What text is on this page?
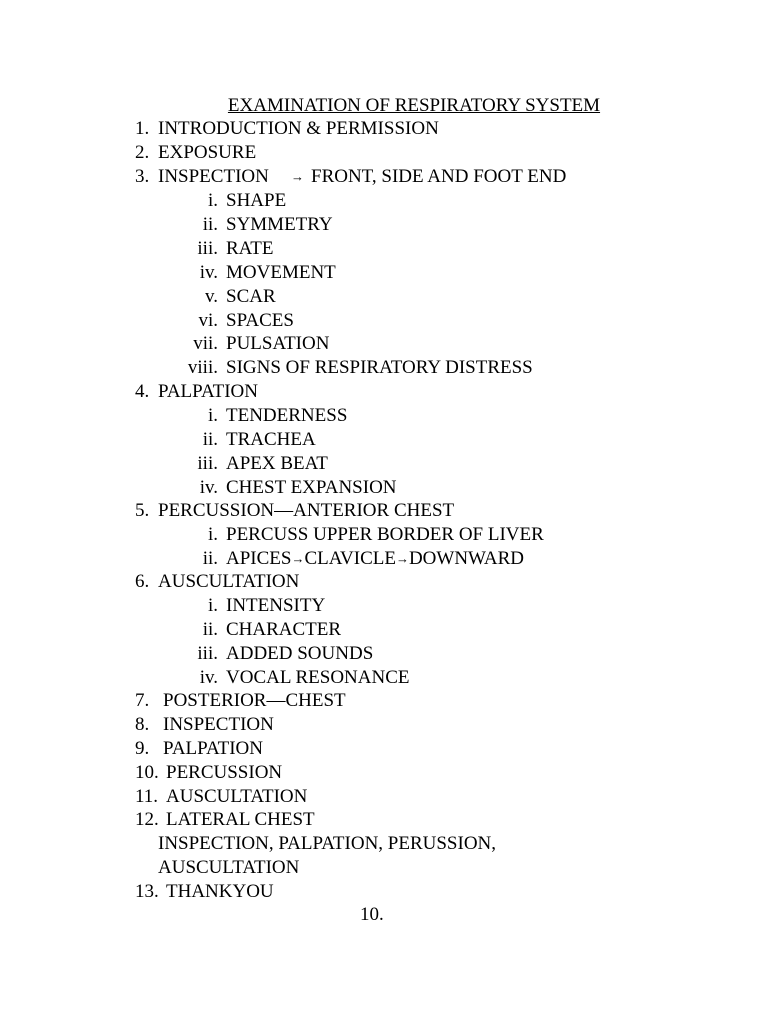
EXAMINATION OF RESPIRATORY SYSTEM
1. INTRODUCTION & PERMISSION
2. EXPOSURE
3. INSPECTION → FRONT, SIDE AND FOOT END
i. SHAPE
ii. SYMMETRY
iii. RATE
iv. MOVEMENT
v. SCAR
vi. SPACES
vii. PULSATION
viii. SIGNS OF RESPIRATORY DISTRESS
4. PALPATION
i. TENDERNESS
ii. TRACHEA
iii. APEX BEAT
iv. CHEST EXPANSION
5. PERCUSSION—ANTERIOR CHEST
i. PERCUSS UPPER BORDER OF LIVER
ii. APICES→CLAVICLE→DOWNWARD
6. AUSCULTATION
i. INTENSITY
ii. CHARACTER
iii. ADDED SOUNDS
iv. VOCAL RESONANCE
7. POSTERIOR—CHEST
8. INSPECTION
9. PALPATION
10. PERCUSSION
11. AUSCULTATION
12. LATERAL CHEST
INSPECTION, PALPATION, PERUSSION,
AUSCULTATION
13. THANKYOU
10.
